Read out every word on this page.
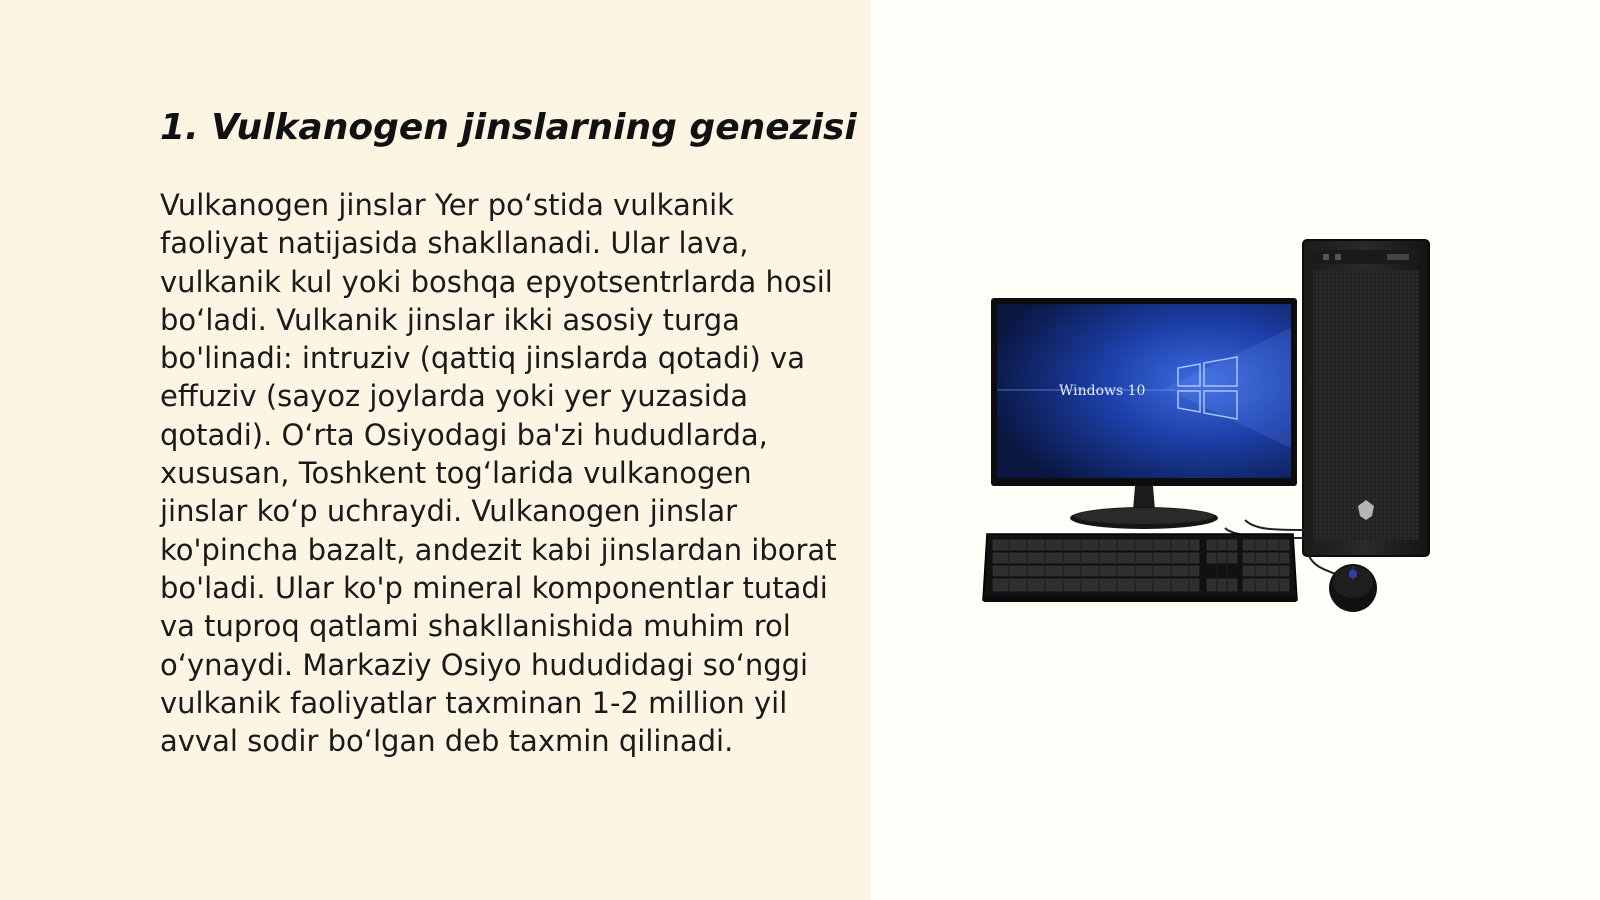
1. Vulkanogen jinslarning genezisi

Vulkanogen jinslar Yer po‘stida vulkanik faoliyat natijasida shakllanadi. Ular lava, vulkanik kul yoki boshqa epyotsentrlarda hosil bo‘ladi. Vulkanik jinslar ikki asosiy turga bo'linadi: intruziv (qattiq jinslarda qotadi) va effuziv (sayoz joylarda yoki yer yuzasida qotadi). O‘rta Osiyodagi ba'zi hududlarda, xususan, Toshkent tog‘larida vulkanogen jinslar ko‘p uchraydi. Vulkanogen jinslar ko'pincha bazalt, andezit kabi jinslardan iborat bo'ladi. Ular ko'p mineral komponentlar tutadi va tuproq qatlami shakllanishida muhim rol o‘ynaydi. Markaziy Osiyo hududidagi so‘nggi vulkanik faoliyatlar taxminan 1-2 million yil avval sodir bo‘lgan deb taxmin qilinadi.

Windows 10
